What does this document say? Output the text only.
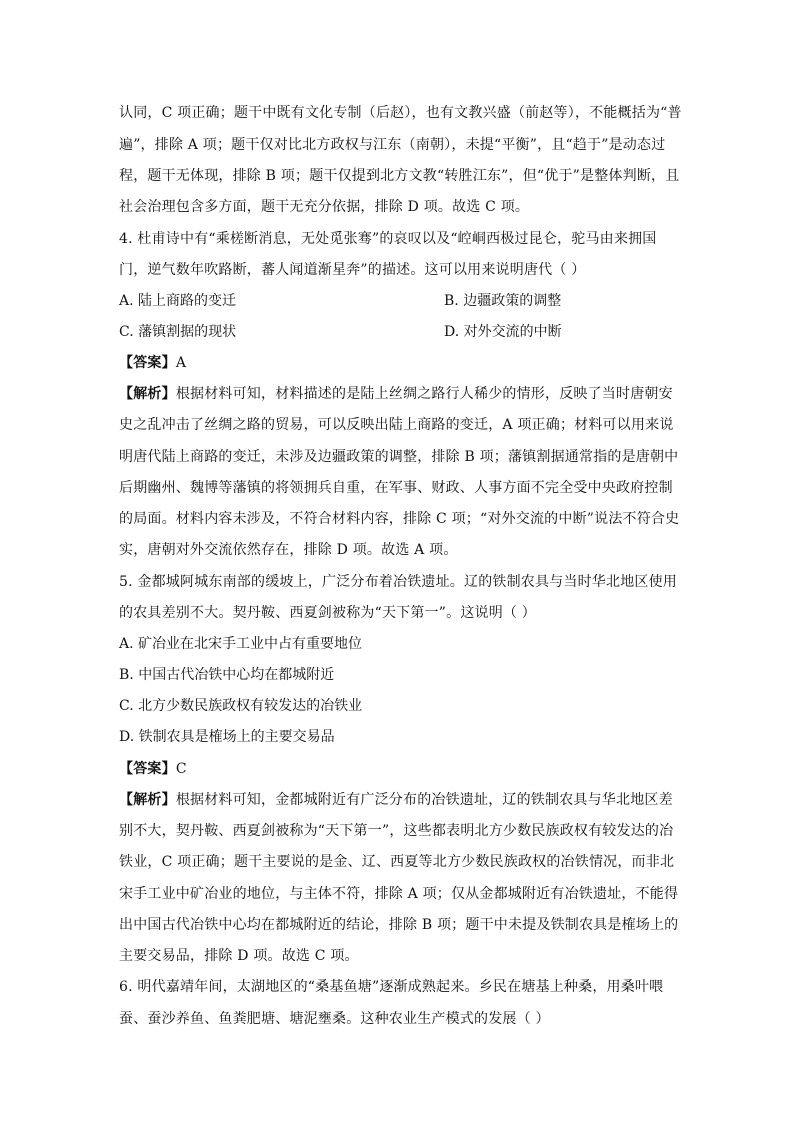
认同，C 项正确；题干中既有文化专制（后赵），也有文教兴盛（前赵等），不能概括为“普
遍”，排除 A 项；题干仅对比北方政权与江东（南朝），未提“平衡”，且“趋于”是动态过
程，题干无体现，排除 B 项；题干仅提到北方文教“转胜江东”，但“优于”是整体判断，且
社会治理包含多方面，题干无充分依据，排除 D 项。故选 C 项。
4. 杜甫诗中有“乘槎断消息，无处觅张骞”的哀叹以及“崆峒西极过昆仑，驼马由来拥国
门，逆气数年吹路断，蕃人闻道渐星奔”的描述。这可以用来说明唐代（ ）
A. 陆上商路的变迁	B. 边疆政策的调整
C. 藩镇割据的现状	D. 对外交流的中断
【答案】A
【解析】根据材料可知，材料描述的是陆上丝绸之路行人稀少的情形，反映了当时唐朝安
史之乱冲击了丝绸之路的贸易，可以反映出陆上商路的变迁，A 项正确；材料可以用来说
明唐代陆上商路的变迁，未涉及边疆政策的调整，排除 B 项；藩镇割据通常指的是唐朝中
后期幽州、魏博等藩镇的将领拥兵自重，在军事、财政、人事方面不完全受中央政府控制
的局面。材料内容未涉及，不符合材料内容，排除 C 项；“对外交流的中断”说法不符合史
实，唐朝对外交流依然存在，排除 D 项。故选 A 项。
5. 金都城阿城东南部的缓坡上，广泛分布着冶铁遗址。辽的铁制农具与当时华北地区使用
的农具差别不大。契丹鞍、西夏剑被称为“天下第一”。这说明（ ）
A. 矿冶业在北宋手工业中占有重要地位
B. 中国古代冶铁中心均在都城附近
C. 北方少数民族政权有较发达的冶铁业
D. 铁制农具是榷场上的主要交易品
【答案】C
【解析】根据材料可知，金都城附近有广泛分布的冶铁遗址，辽的铁制农具与华北地区差
别不大，契丹鞍、西夏剑被称为“天下第一”，这些都表明北方少数民族政权有较发达的冶
铁业，C 项正确；题干主要说的是金、辽、西夏等北方少数民族政权的冶铁情况，而非北
宋手工业中矿冶业的地位，与主体不符，排除 A 项；仅从金都城附近有冶铁遗址，不能得
出中国古代冶铁中心均在都城附近的结论，排除 B 项；题干中未提及铁制农具是榷场上的
主要交易品，排除 D 项。故选 C 项。
6. 明代嘉靖年间，太湖地区的“桑基鱼塘”逐渐成熟起来。乡民在塘基上种桑，用桑叶喂
蚕、蚕沙养鱼、鱼粪肥塘、塘泥壅桑。这种农业生产模式的发展（ ）
